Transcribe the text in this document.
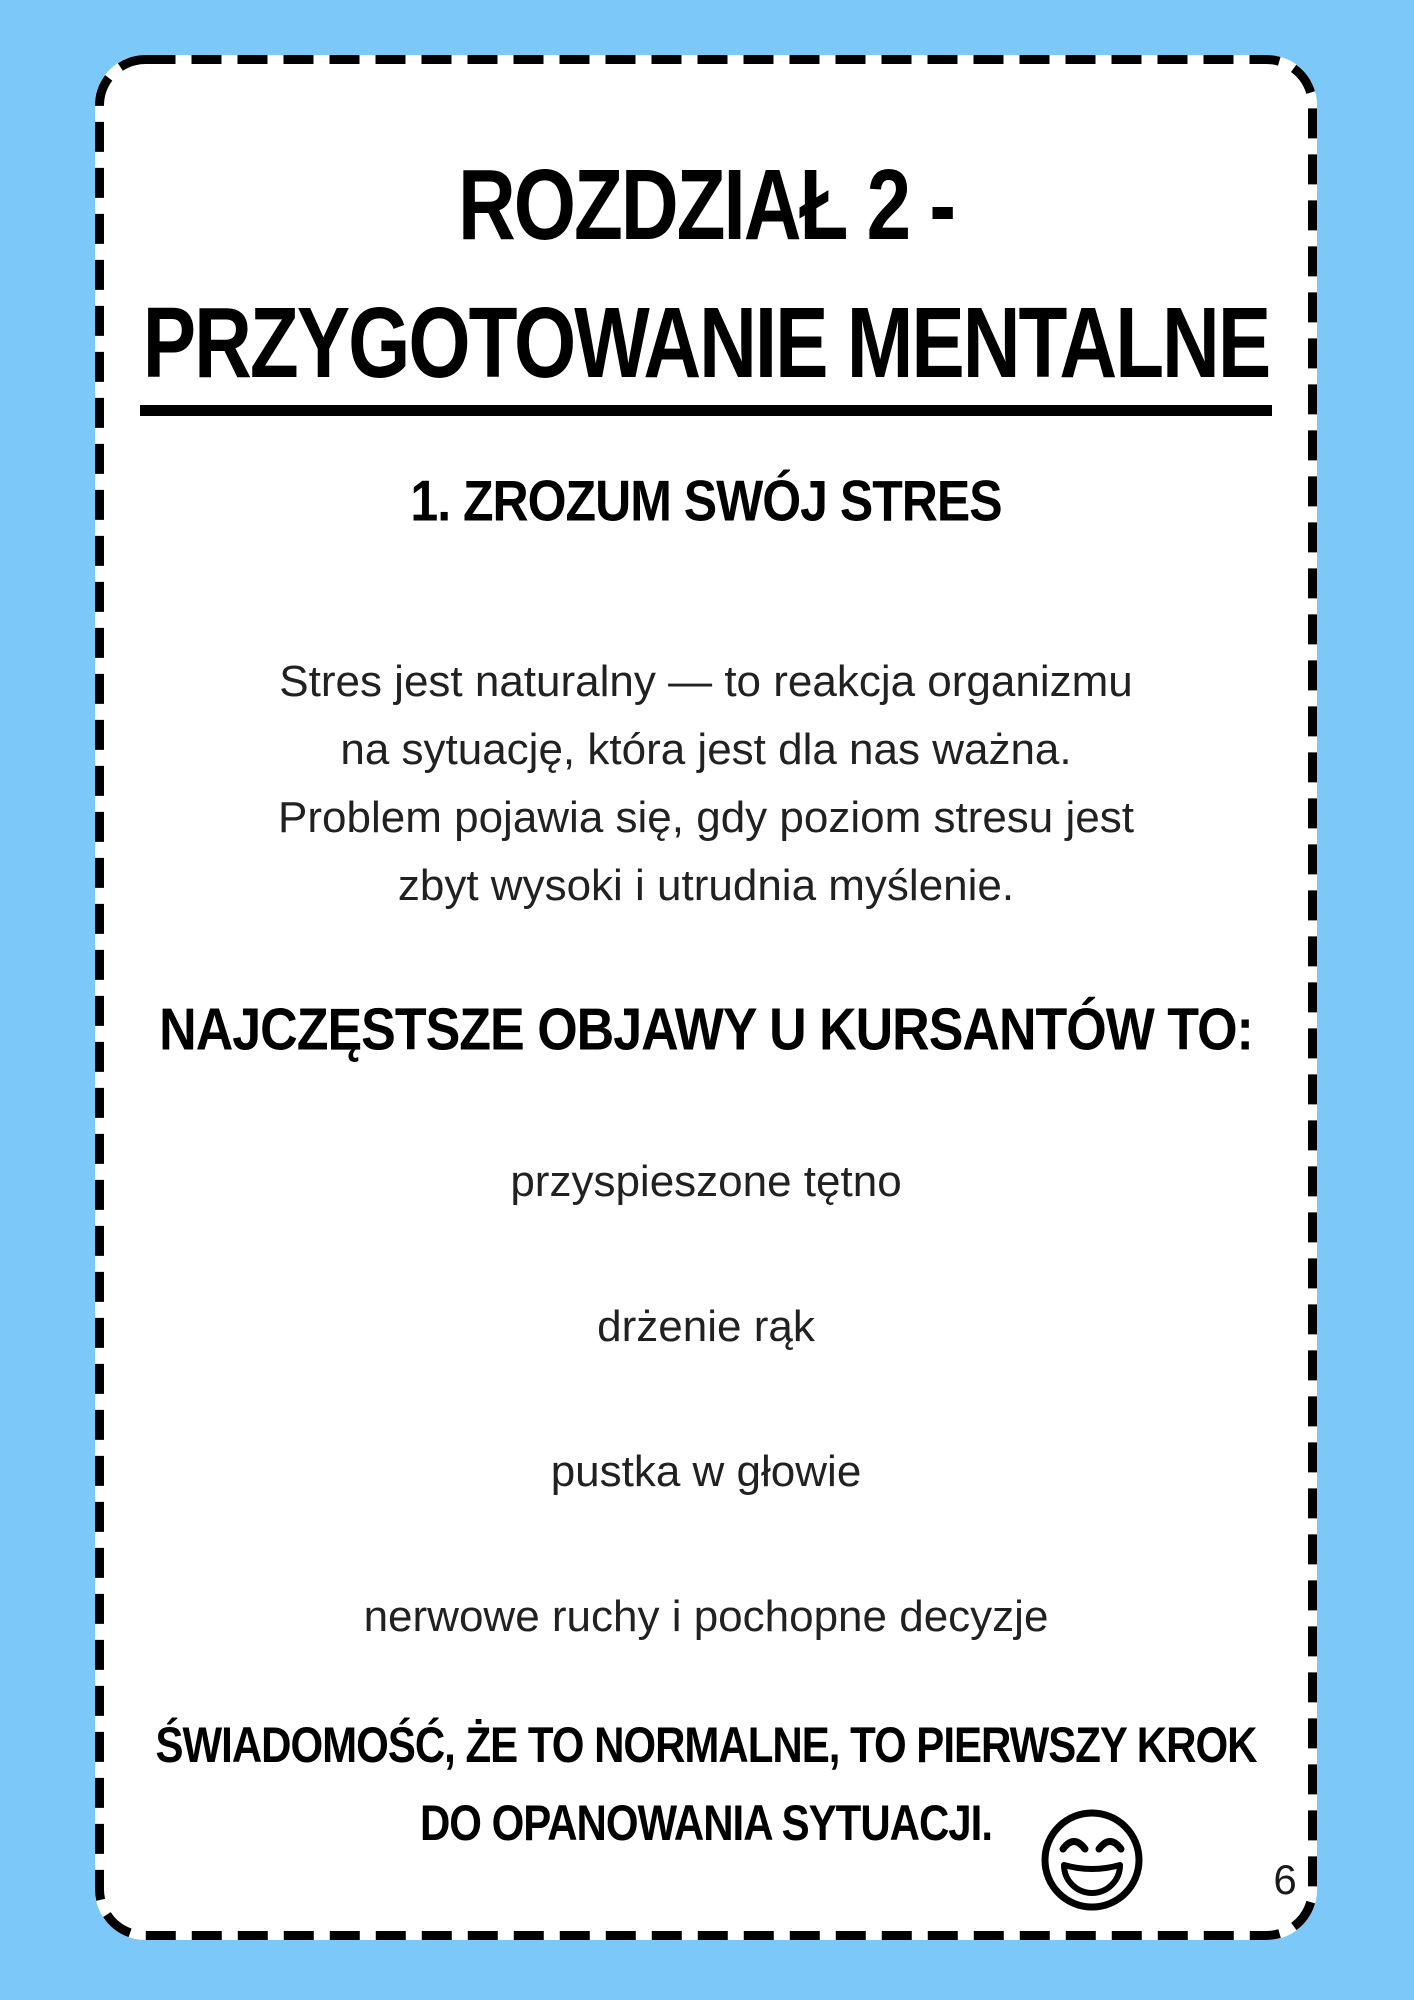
ROZDZIAŁ 2 -
PRZYGOTOWANIE MENTALNE
1. ZROZUM SWÓJ STRES
Stres jest naturalny — to reakcja organizmu
na sytuację, która jest dla nas ważna.
Problem pojawia się, gdy poziom stresu jest
zbyt wysoki i utrudnia myślenie.
NAJCZĘSTSZE OBJAWY U KURSANTÓW TO:
przyspieszone tętno
drżenie rąk
pustka w głowie
nerwowe ruchy i pochopne decyzje
ŚWIADOMOŚĆ, ŻE TO NORMALNE, TO PIERWSZY KROK
DO OPANOWANIA SYTUACJI.
6
